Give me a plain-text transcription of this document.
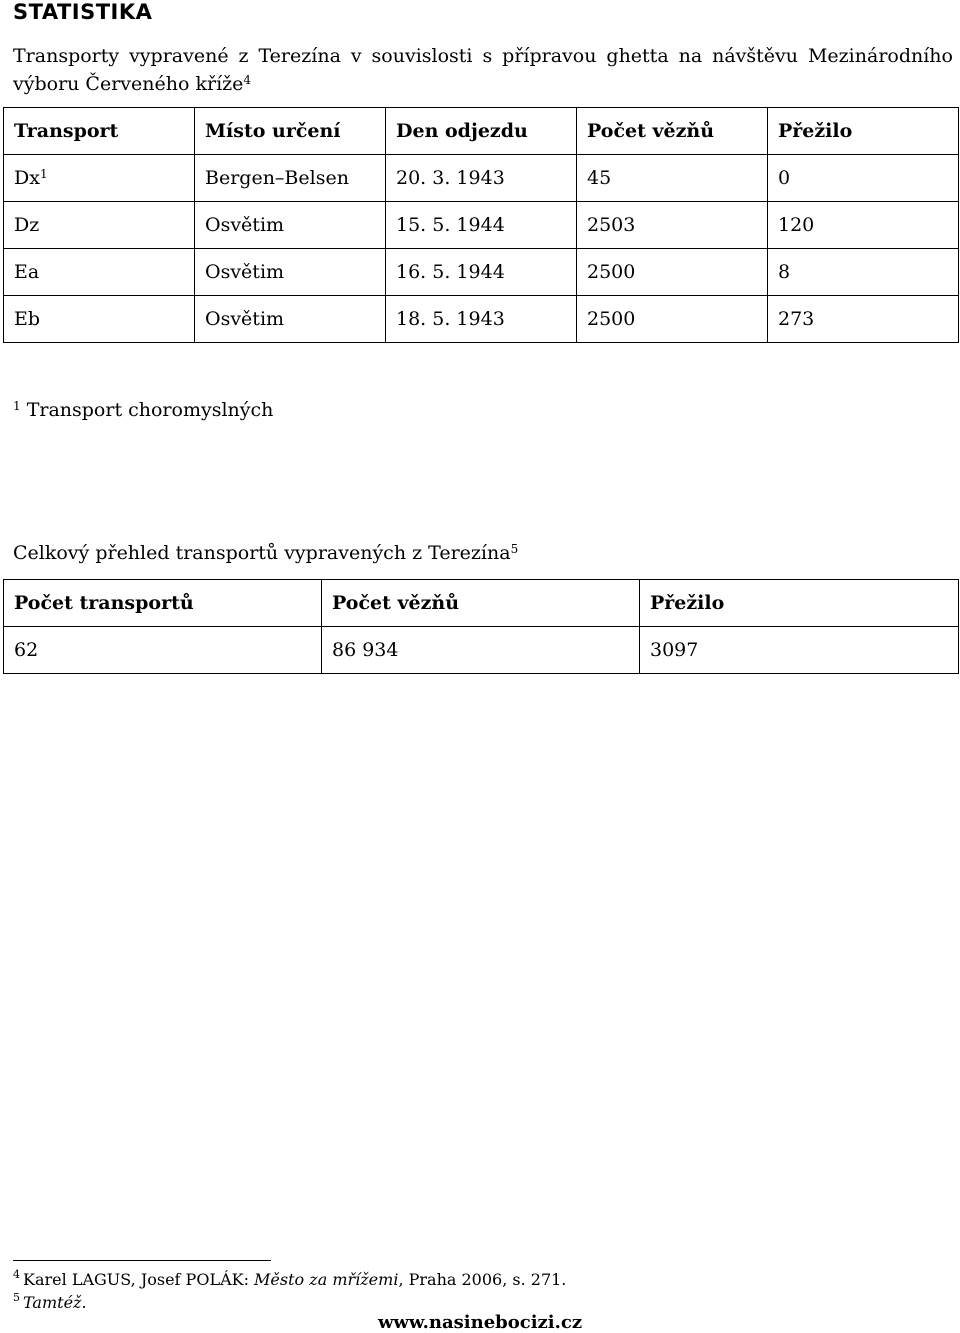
STATISTIKA
Transporty vypravené z Terezína v souvislosti s přípravou ghetta na návštěvu Mezinárodního výboru Červeného kříže$^4$
Transport	Místo určení	Den odjezdu	Počet vězňů	Přežilo
Dx$^1$	Bergen–Belsen	20. 3. 1943	45	0
Dz	Osvětim	15. 5. 1944	2503	120
Ea	Osvětim	16. 5. 1944	2500	8
Eb	Osvětim	18. 5. 1943	2500	273
$^1$ Transport choromyslných
Celkový přehled transportů vypravených z Terezína$^5$
Počet transportů	Počet vězňů	Přežilo
62	86 934	3097
$^4$ Karel LAGUS, Josef POLÁK: Město za mřížemi, Praha 2006, s. 271.
$^5$ Tamtéž.
www.nasinebocizi.cz
